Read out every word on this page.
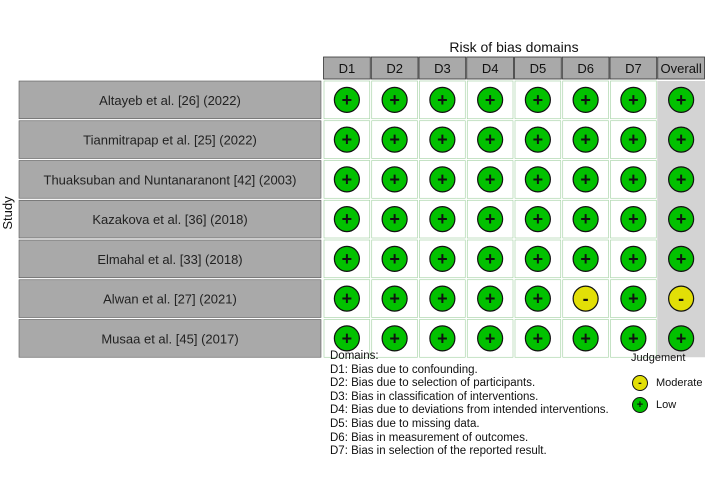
Risk of bias domains
Study
D1 D2 D3 D4 D5 D6 D7 Overall
Altayeb et al. [26] (2022)
Tianmitrapap et al. [25] (2022)
Thuaksuban and Nuntanaranont [42] (2003)
Kazakova et al. [36] (2018)
Elmahal et al. [33] (2018)
Alwan et al. [27] (2021)
Musaa et al. [45] (2017)
+ + + + + + + +
+ + + + + + + +
+ + + + + + + +
+ + + + + + + +
+ + + + + + + +
+ + + + + - + -
+ + + + + + + +
Domains:
D1: Bias due to confounding.
D2: Bias due to selection of participants.
D3: Bias in classification of interventions.
D4: Bias due to deviations from intended interventions.
D5: Bias due to missing data.
D6: Bias in measurement of outcomes.
D7: Bias in selection of the reported result.
Judgement
-	Moderate
+	Low
